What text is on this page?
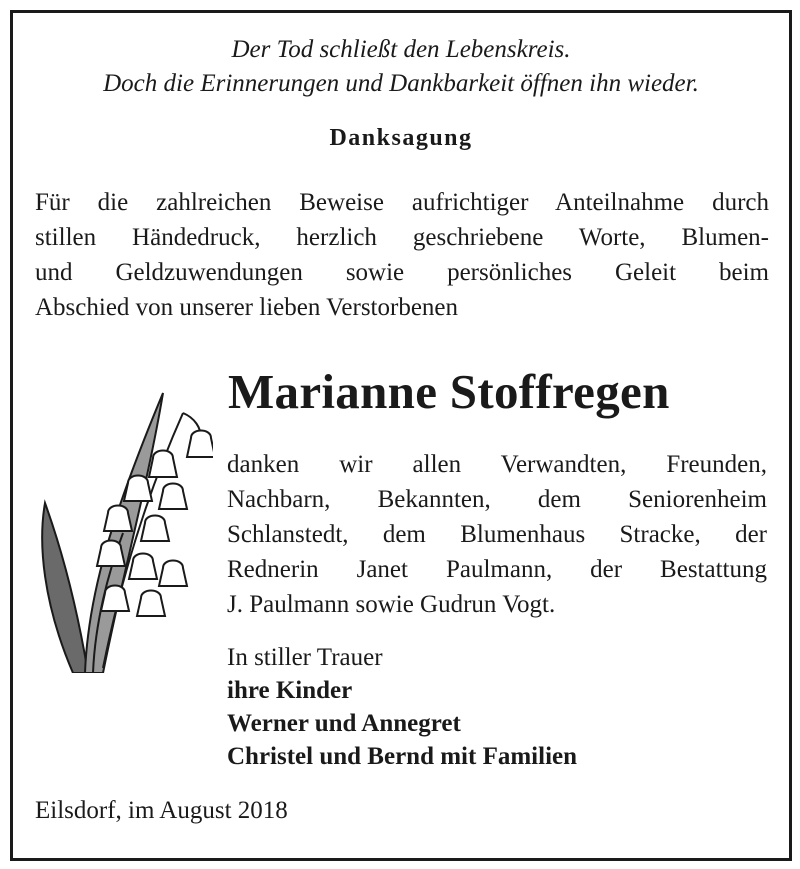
Der Tod schließt den Lebenskreis.
Doch die Erinnerungen und Dankbarkeit öffnen ihn wieder.
Danksagung
Für die zahlreichen Beweise aufrichtiger Anteilnahme durch
stillen Händedruck, herzlich geschriebene Worte, Blumen-
und Geldzuwendungen sowie persönliches Geleit beim
Abschied von unserer lieben Verstorbenen
Marianne Stoffregen
danken wir allen Verwandten, Freunden,
Nachbarn, Bekannten, dem Seniorenheim
Schlanstedt, dem Blumenhaus Stracke, der
Rednerin Janet Paulmann, der Bestattung
J. Paulmann sowie Gudrun Vogt.
In stiller Trauer
ihre Kinder
Werner und Annegret
Christel und Bernd mit Familien
Eilsdorf, im August 2018
